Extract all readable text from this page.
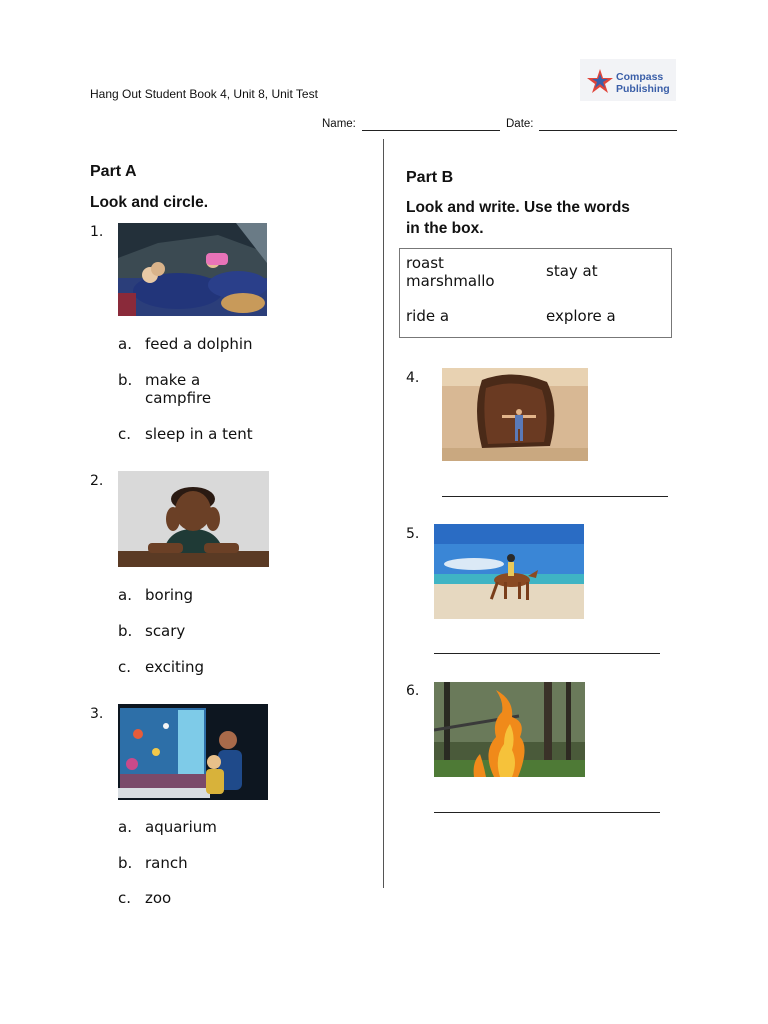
Hang Out Student Book 4, Unit 8, Unit Test
Compass
Publishing
Name:	Date:
Part A
Look and circle.
1.
a. feed a dolphin
b. make a
campfire
c. sleep in a tent
2.
a. boring
b. scary
c. exciting
3.
a. aquarium
b. ranch
c. zoo
Part B
Look and write. Use the words
in the box.
roast
marshmallo
stay at
ride a	explore a
4.
5.
6.
